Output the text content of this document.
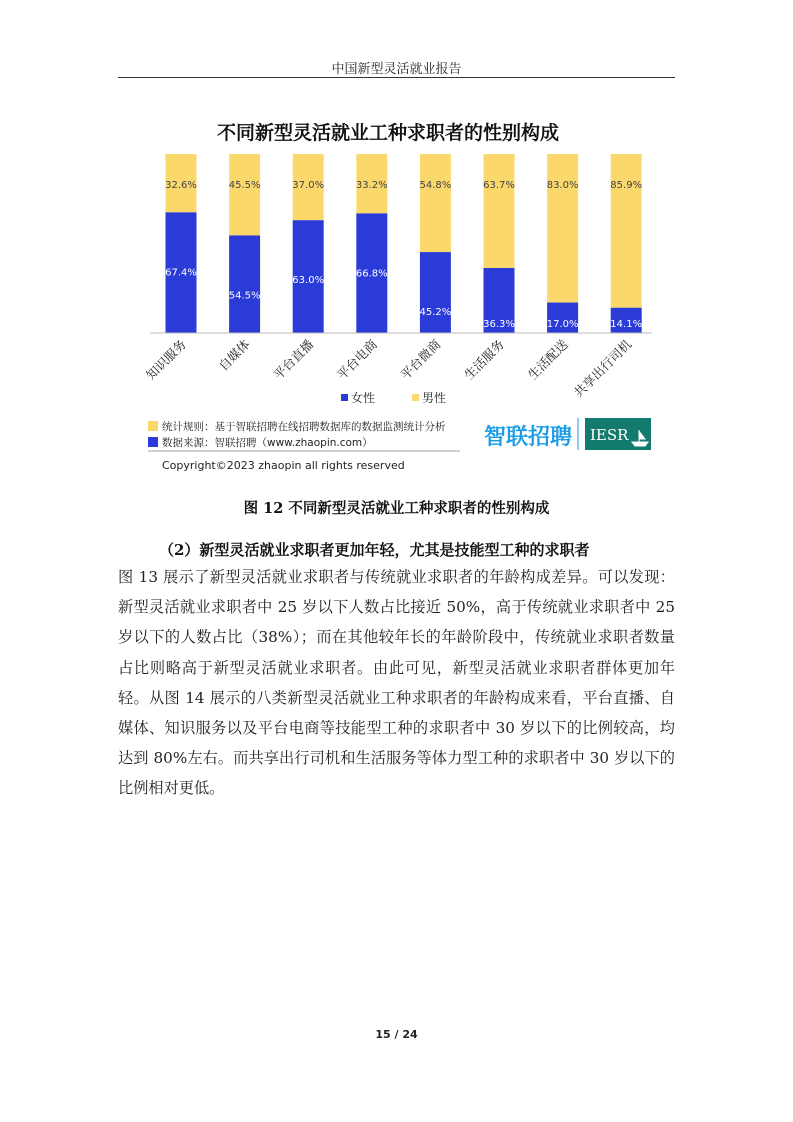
中国新型灵活就业报告
不同新型灵活就业工种求职者的性别构成
32.6%
67.4%
45.5%
54.5%
37.0%
63.0%
33.2%
66.8%
54.8%
45.2%
63.7%
36.3%
83.0%
17.0%
85.9%
14.1%
知识服务 自媒体 平台直播 平台电商 平台微商 生活服务 生活配送 共享出行司机
女性	男性
统计规则：基于智联招聘在线招聘数据库的数据监测统计分析
数据来源：智联招聘（www.zhaopin.com）	智联招聘 IESR
Copyright©2023 zhaopin all rights reserved
图 12 不同新型灵活就业工种求职者的性别构成
（2）新型灵活就业求职者更加年轻，尤其是技能型工种的求职者

图 13 展示了新型灵活就业求职者与传统就业求职者的年龄构成差异。可以发现：新型灵活就业求职者中 25 岁以下人数占比接近 50%，高于传统就业求职者中 25 岁以下的人数占比（38%）；而在其他较年长的年龄阶段中，传统就业求职者数量占比则略高于新型灵活就业求职者。由此可见，新型灵活就业求职者群体更加年轻。从图 14 展示的八类新型灵活就业工种求职者的年龄构成来看，平台直播、自媒体、知识服务以及平台电商等技能型工种的求职者中 30 岁以下的比例较高，均达到 80%左右。而共享出行司机和生活服务等体力型工种的求职者中 30 岁以下的比例相对更低。

15 / 24
